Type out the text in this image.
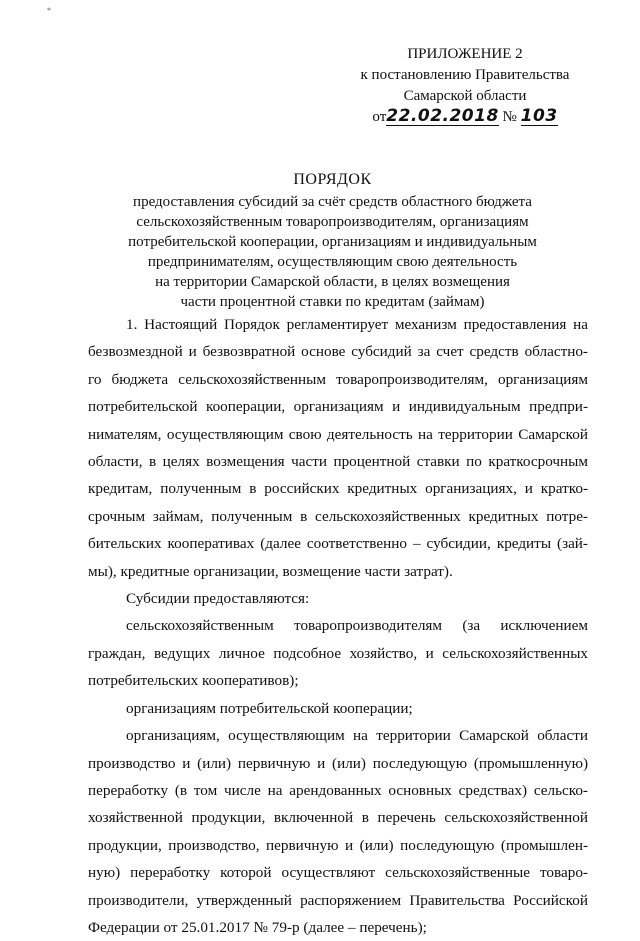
*
ПРИЛОЖЕНИЕ 2
к постановлению Правительства
Самарской области
от22.02.2018 № 103
ПОРЯДОК
предоставления субсидий за счёт средств областного бюджета
сельскохозяйственным товаропроизводителям, организациям
потребительской кооперации, организациям и индивидуальным
предпринимателям, осуществляющим свою деятельность
на территории Самарской области, в целях возмещения
части процентной ставки по кредитам (займам)
1. Настоящий Порядок регламентирует механизм предоставления на
безвозмездной и безвозвратной основе субсидий за счет средств областно-
го бюджета сельскохозяйственным товаропроизводителям, организациям
потребительской кооперации, организациям и индивидуальным предпри-
нимателям, осуществляющим свою деятельность на территории Самарской
области, в целях возмещения части процентной ставки по краткосрочным
кредитам, полученным в российских кредитных организациях, и кратко-
срочным займам, полученным в сельскохозяйственных кредитных потре-
бительских кооперативах (далее соответственно – субсидии, кредиты (зай-
мы), кредитные организации, возмещение части затрат).
Субсидии предоставляются:
сельскохозяйственным товаропроизводителям (за исключением
граждан, ведущих личное подсобное хозяйство, и сельскохозяйственных
потребительских кооперативов);
организациям потребительской кооперации;
организациям, осуществляющим на территории Самарской области
производство и (или) первичную и (или) последующую (промышленную)
переработку (в том числе на арендованных основных средствах) сельско-
хозяйственной продукции, включенной в перечень сельскохозяйственной
продукции, производство, первичную и (или) последующую (промышлен-
ную) переработку которой осуществляют сельскохозяйственные товаро-
производители, утвержденный распоряжением Правительства Российской
Федерации от 25.01.2017 № 79-р (далее – перечень);
